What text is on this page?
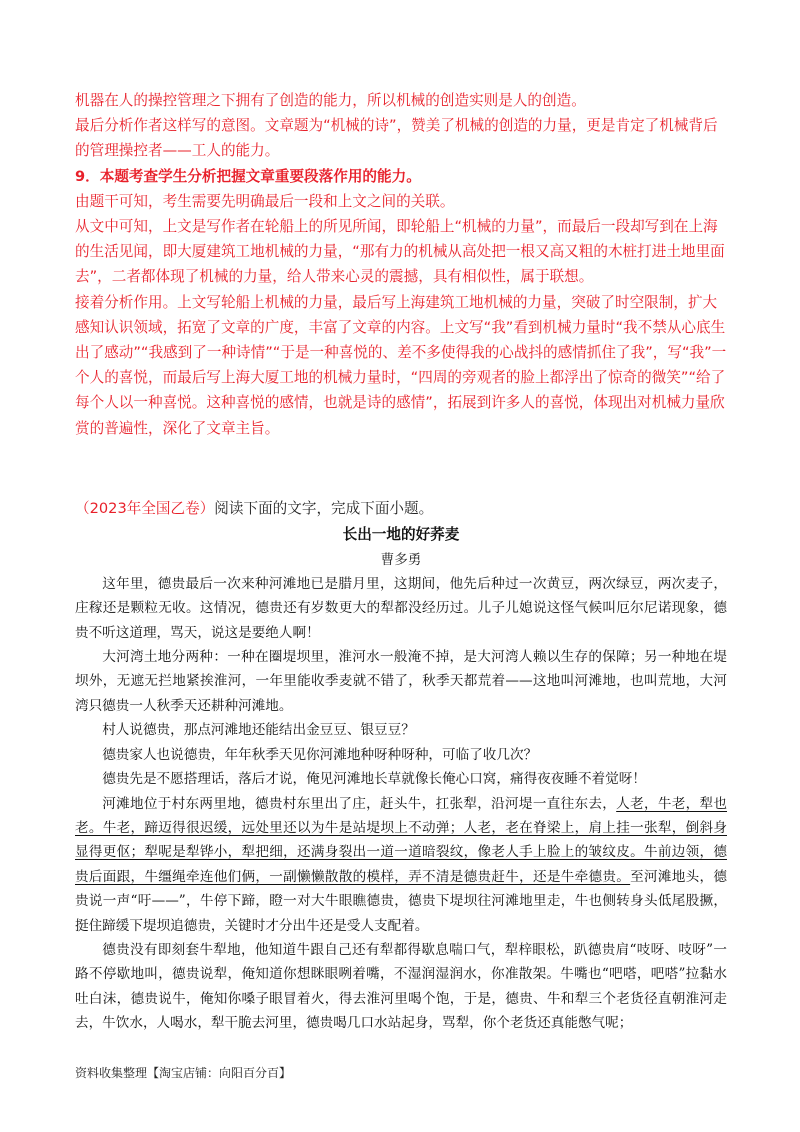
机器在人的操控管理之下拥有了创造的能力，所以机械的创造实则是人的创造。

最后分析作者这样写的意图。文章题为“机械的诗”，赞美了机械的创造的力量，更是肯定了机械背后的管理操控者——工人的能力。

9．本题考查学生分析把握文章重要段落作用的能力。

由题干可知，考生需要先明确最后一段和上文之间的关联。

从文中可知，上文是写作者在轮船上的所见所闻，即轮船上“机械的力量”，而最后一段却写到在上海的生活见闻，即大厦建筑工地机械的力量，“那有力的机械从高处把一根又高又粗的木桩打进土地里面去”，二者都体现了机械的力量，给人带来心灵的震撼，具有相似性，属于联想。

接着分析作用。上文写轮船上机械的力量，最后写上海建筑工地机械的力量，突破了时空限制，扩大感知认识领域，拓宽了文章的广度，丰富了文章的内容。上文写“我”看到机械力量时“我不禁从心底生出了感动”“我感到了一种诗情”“于是一种喜悦的、差不多使得我的心战抖的感情抓住了我”，写“我”一个人的喜悦，而最后写上海大厦工地的机械力量时，“四周的旁观者的脸上都浮出了惊奇的微笑”“给了每个人以一种喜悦。这种喜悦的感情，也就是诗的感情”，拓展到许多人的喜悦，体现出对机械力量欣赏的普遍性，深化了文章主旨。

（2023年全国乙卷）阅读下面的文字，完成下面小题。

长出一地的好荞麦

曹多勇

这年里，德贵最后一次来种河滩地已是腊月里，这期间，他先后种过一次黄豆，两次绿豆，两次麦子，庄稼还是颗粒无收。这情况，德贵还有岁数更大的犁都没经历过。儿子儿媳说这怪气候叫厄尔尼诺现象，德贵不听这道理，骂天，说这是要绝人啊！

大河湾土地分两种：一种在圈堤坝里，淮河水一般淹不掉，是大河湾人赖以生存的保障；另一种地在堤坝外，无遮无拦地紧挨淮河，一年里能收季麦就不错了，秋季天都荒着——这地叫河滩地，也叫荒地，大河湾只德贵一人秋季天还耕种河滩地。

村人说德贵，那点河滩地还能结出金豆豆、银豆豆？

德贵家人也说德贵，年年秋季天见你河滩地种呀种呀种，可临了收几次？

德贵先是不愿搭理话，落后才说，俺见河滩地长草就像长俺心口窝，痛得夜夜睡不着觉呀！

河滩地位于村东两里地，德贵村东里出了庄，赶头牛，扛张犁，沿河堤一直往东去，人老，牛老，犁也老。牛老，蹄迈得很迟缓，远处里还以为牛是站堤坝上不动弹；人老，老在脊梁上，肩上挂一张犁，倒斜身显得更伛；犁呢是犁铧小，犁把细，还满身裂出一道一道暗裂纹，像老人手上脸上的皱纹皮。牛前边领，德贵后面跟，牛缰绳牵连他们俩，一副懒懒散散的模样，弄不清是德贵赶牛，还是牛牵德贵。至河滩地头，德贵说一声“吁——”，牛停下蹄，瞪一对大牛眼瞧德贵，德贵下堤坝往河滩地里走，牛也侧转身头低尾股撅，挺住蹄缓下堤坝追德贵，关键时才分出牛还是受人支配着。

德贵没有即刻套牛犁地，他知道牛跟自己还有犁都得歇息喘口气，犁梓眼松，趴德贵肩“吱呀、吱呀”一路不停歇地叫，德贵说犁，俺知道你想眯眼咧着嘴，不湿润湿润水，你准散架。牛嘴也“吧嗒，吧嗒”拉黏水吐白沫，德贵说牛，俺知你嗓子眼冒着火，得去淮河里喝个饱，于是，德贵、牛和犁三个老货径直朝淮河走去，牛饮水，人喝水，犁干脆去河里，德贵喝几口水站起身，骂犁，你个老货还真能憋气呢；

资料收集整理【淘宝店铺：向阳百分百】
